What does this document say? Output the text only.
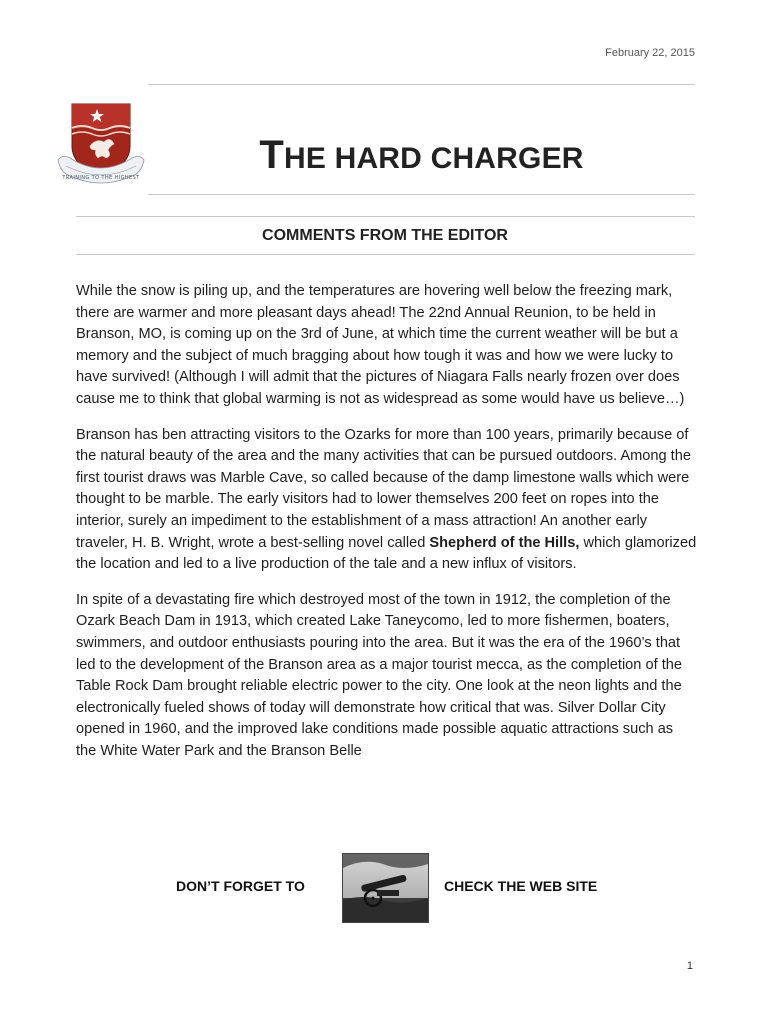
February 22, 2015
TRAINING TO THE HIGHEST
THE HARD CHARGER
COMMENTS FROM THE EDITOR

While the snow is piling up, and the temperatures are hovering well below the freezing mark, there are warmer and more pleasant days ahead! The 22nd Annual Reunion, to be held in Branson, MO, is coming up on the 3rd of June, at which time the current weather will be but a memory and the subject of much bragging about how tough it was and how we were lucky to have survived! (Although I will admit that the pictures of Niagara Falls nearly frozen over does cause me to think that global warming is not as widespread as some would have us believe…)

Branson has ben attracting visitors to the Ozarks for more than 100 years, primarily because of the natural beauty of the area and the many activities that can be pursued outdoors. Among the first tourist draws was Marble Cave, so called because of the damp limestone walls which were thought to be marble. The early visitors had to lower themselves 200 feet on ropes into the interior, surely an impediment to the establishment of a mass attraction! An another early traveler, H. B. Wright, wrote a best-selling novel called Shepherd of the Hills, which glamorized the location and led to a live production of the tale and a new influx of visitors.

In spite of a devastating fire which destroyed most of the town in 1912, the completion of the Ozark Beach Dam in 1913, which created Lake Taneycomo, led to more fishermen, boaters, swimmers, and outdoor enthusiasts pouring into the area. But it was the era of the 1960’s that led to the development of the Branson area as a major tourist mecca, as the completion of the Table Rock Dam brought reliable electric power to the city. One look at the neon lights and the electronically fueled shows of today will demonstrate how critical that was. Silver Dollar City opened in 1960, and the improved lake conditions made possible aquatic attractions such as the White Water Park and the Branson Belle

DON’T FORGET TO	CHECK THE WEB SITE
1
